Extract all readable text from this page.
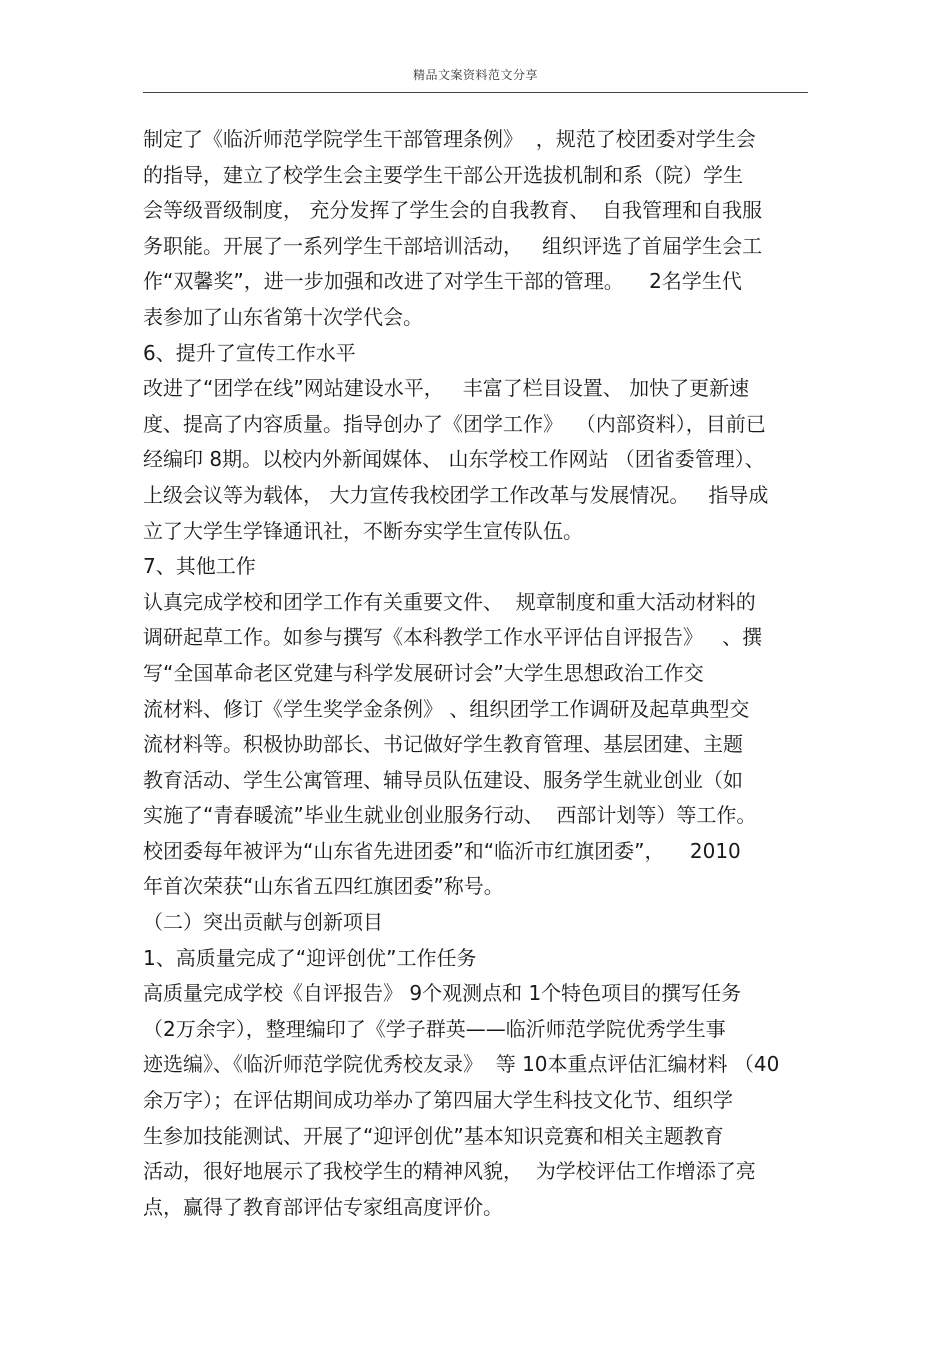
精品文案资料范文分享
制定了《临沂师范学院学生干部管理条例》  ，规范了校团委对学生会
的指导，建立了校学生会主要学生干部公开选拔机制和系（院）学生
会等级晋级制度， 充分发挥了学生会的自我教育、  自我管理和自我服
务职能。开展了一系列学生干部培训活动，   组织评选了首届学生会工
作“双馨奖”，进一步加强和改进了对学生干部的管理。    2名学生代
表参加了山东省第十次学代会。
6、提升了宣传工作水平
改进了“团学在线”网站建设水平，   丰富了栏目设置、 加快了更新速
度、提高了内容质量。指导创办了《团学工作》  （内部资料），目前已
经编印 8期。以校内外新闻媒体、 山东学校工作网站 （团省委管理）、
上级会议等为载体， 大力宣传我校团学工作改革与发展情况。   指导成
立了大学生学锋通讯社，不断夯实学生宣传队伍。
7、其他工作
认真完成学校和团学工作有关重要文件、  规章制度和重大活动材料的
调研起草工作。如参与撰写《本科教学工作水平评估自评报告》   、撰
写“全国革命老区党建与科学发展研讨会”大学生思想政治工作交
流材料、修订《学生奖学金条例》 、组织团学工作调研及起草典型交
流材料等。积极协助部长、书记做好学生教育管理、基层团建、主题
教育活动、学生公寓管理、辅导员队伍建设、服务学生就业创业（如
实施了“青春暖流”毕业生就业创业服务行动、  西部计划等）等工作。
校团委每年被评为“山东省先进团委”和“临沂市红旗团委”，    2010
年首次荣获“山东省五四红旗团委”称号。
（二）突出贡献与创新项目
1、高质量完成了“迎评创优”工作任务
高质量完成学校《自评报告》 9个观测点和 1个特色项目的撰写任务
（2万余字），整理编印了《学子群英——临沂师范学院优秀学生事
迹选编》、《临沂师范学院优秀校友录》  等 10本重点评估汇编材料 （40
余万字）；在评估期间成功举办了第四届大学生科技文化节、组织学
生参加技能测试、开展了“迎评创优”基本知识竞赛和相关主题教育
活动，很好地展示了我校学生的精神风貌，  为学校评估工作增添了亮
点，赢得了教育部评估专家组高度评价。
